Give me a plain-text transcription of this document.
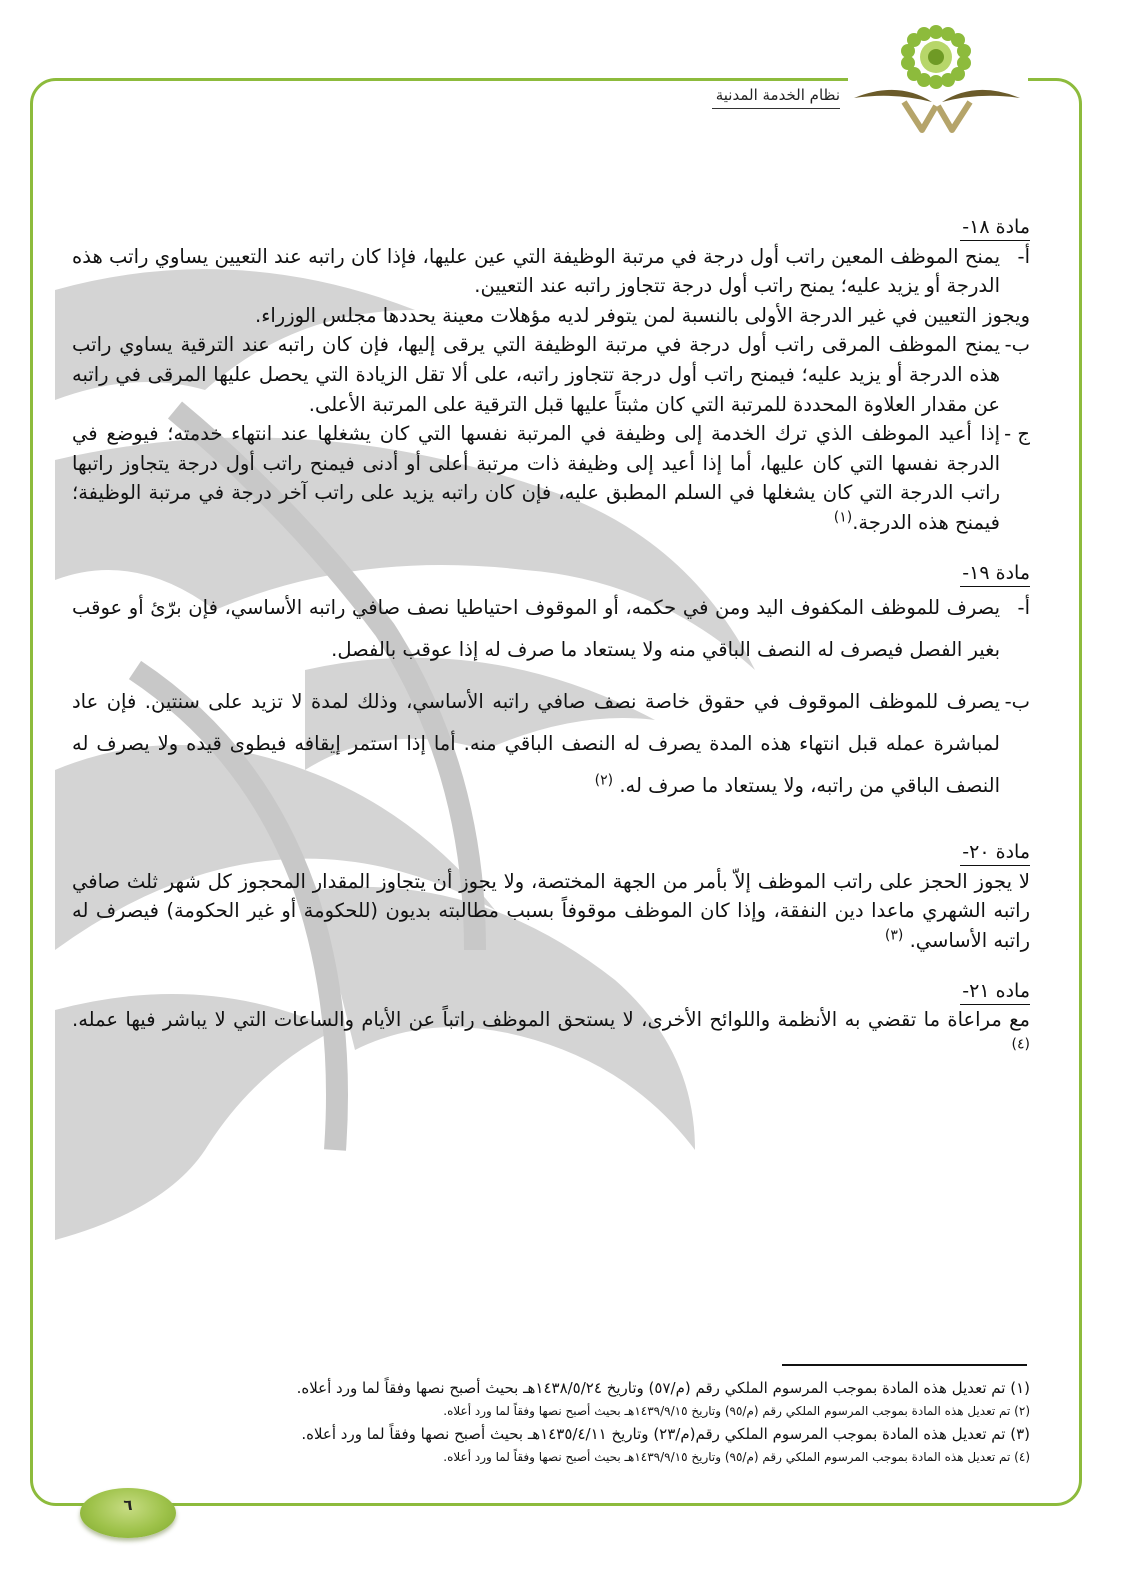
نظام الخدمة المدنية
مادة ١٨-
أ-
يمنح الموظف المعين راتب أول درجة في مرتبة الوظيفة التي عين عليها، فإذا كان راتبه عند التعيين يساوي راتب هذه الدرجة أو يزيد عليه؛ يمنح راتب أول درجة تتجاوز راتبه عند التعيين.
ويجوز التعيين في غير الدرجة الأولى بالنسبة لمن يتوفر لديه مؤهلات معينة يحددها مجلس الوزراء.
ب-
يمنح الموظف المرقى راتب أول درجة في مرتبة الوظيفة التي يرقى إليها، فإن كان راتبه عند الترقية يساوي راتب هذه الدرجة أو يزيد عليه؛ فيمنح راتب أول درجة تتجاوز راتبه، على ألا تقل الزيادة التي يحصل عليها المرقى في راتبه عن مقدار العلاوة المحددة للمرتبة التي كان مثبتاً عليها قبل الترقية على المرتبة الأعلى.
ج -
إذا أعيد الموظف الذي ترك الخدمة إلى وظيفة في المرتبة نفسها التي كان يشغلها عند انتهاء خدمته؛ فيوضع في الدرجة نفسها التي كان عليها، أما إذا أعيد إلى وظيفة ذات مرتبة أعلى أو أدنى فيمنح راتب أول درجة يتجاوز راتبها راتب الدرجة التي كان يشغلها في السلم المطبق عليه، فإن كان راتبه يزيد على راتب آخر درجة في مرتبة الوظيفة؛ فيمنح هذه الدرجة.$^{(١)}$
مادة ١٩-
أ-
يصرف للموظف المكفوف اليد ومن في حكمه، أو الموقوف احتياطيا نصف صافي راتبه الأساسي، فإن برّئ أو عوقب بغير الفصل فيصرف له النصف الباقي منه ولا يستعاد ما صرف له إذا عوقب بالفصل.
ب-
يصرف للموظف الموقوف في حقوق خاصة نصف صافي راتبه الأساسي، وذلك لمدة لا تزيد على سنتين. فإن عاد لمباشرة عمله قبل انتهاء هذه المدة يصرف له النصف الباقي منه. أما إذا استمر إيقافه فيطوى قيده ولا يصرف له النصف الباقي من راتبه، ولا يستعاد ما صرف له. $^{(٢)}$
مادة ٢٠-
لا يجوز الحجز على راتب الموظف إلاّ بأمر من الجهة المختصة، ولا يجوز أن يتجاوز المقدار المحجوز كل شهر ثلث صافي راتبه الشهري ماعدا دين النفقة، وإذا كان الموظف موقوفاً بسبب مطالبته بديون (للحكومة أو غير الحكومة) فيصرف له راتبه الأساسي. $^{(٣)}$
ماده ٢١-
مع مراعاة ما تقضي به الأنظمة واللوائح الأخرى، لا يستحق الموظف راتباً عن الأيام والساعات التي لا يباشر فيها عمله. $^{(٤)}$
(١) تم تعديل هذه المادة بموجب المرسوم الملكي رقم (م/٥٧) وتاريخ ١٤٣٨/٥/٢٤هـ بحيث أصبح نصها وفقاً لما ورد أعلاه.
(٢) تم تعديل هذه المادة بموجب المرسوم الملكي رقم (م/٩٥) وتاريخ ١٤٣٩/٩/١٥هـ بحيث أصبح نصها وفقاً لما ورد أعلاه.
(٣) تم تعديل هذه المادة بموجب المرسوم الملكي رقم(م/٢٣) وتاريخ ١٤٣٥/٤/١١هـ بحيث أصبح نصها وفقاً لما ورد أعلاه.
(٤) تم تعديل هذه المادة بموجب المرسوم الملكي رقم (م/٩٥) وتاريخ ١٤٣٩/٩/١٥هـ بحيث أصبح نصها وفقاً لما ورد أعلاه.
٦
